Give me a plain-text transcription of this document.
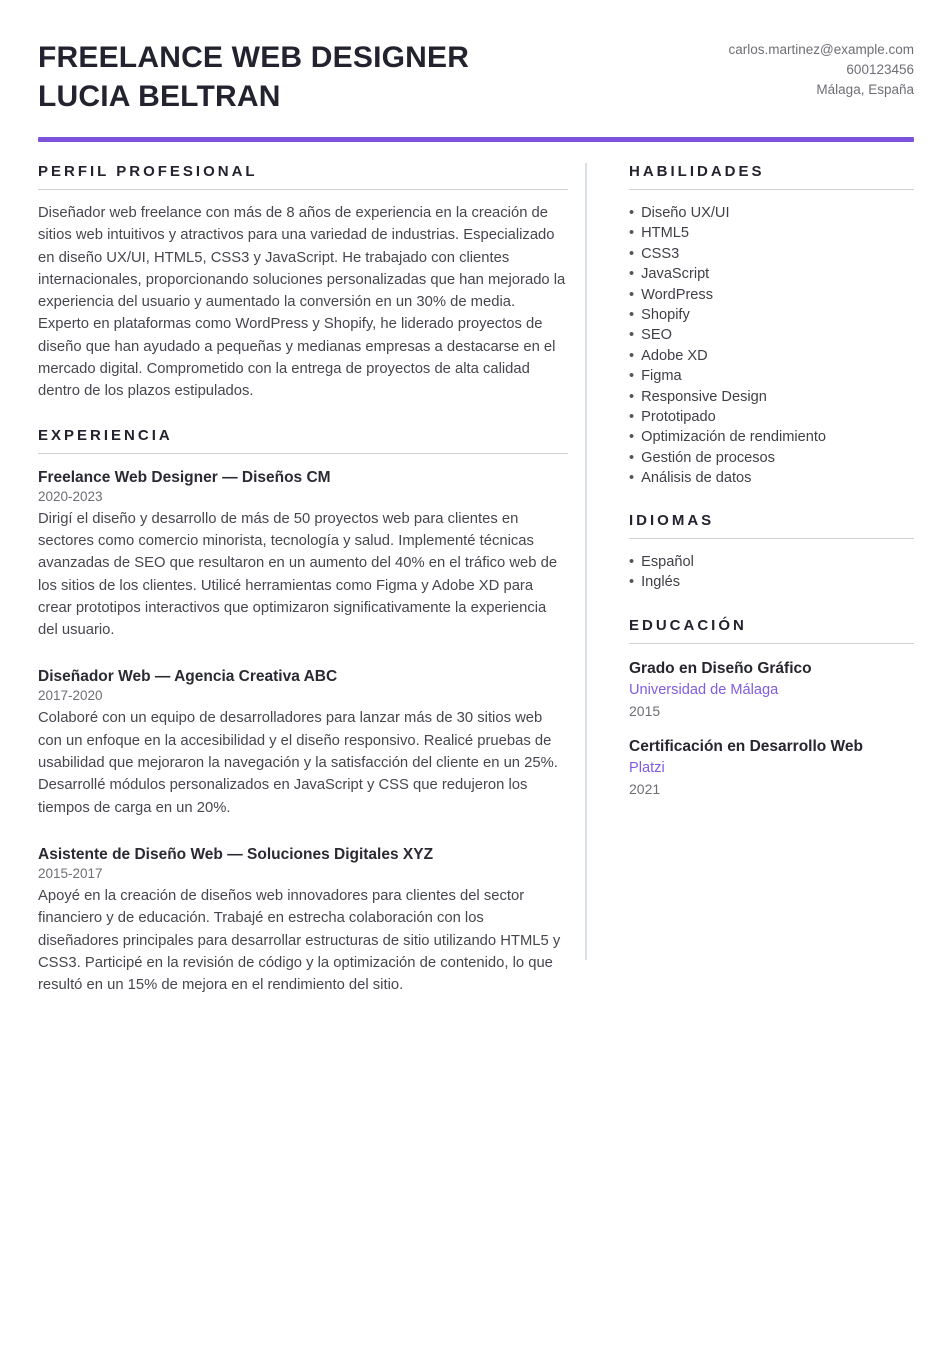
FREELANCE WEB DESIGNER
LUCIA BELTRAN
carlos.martinez@example.com
600123456
Málaga, España
PERFIL PROFESIONAL

Diseñador web freelance con más de 8 años de experiencia en la creación de sitios web intuitivos y atractivos para una variedad de industrias. Especializado en diseño UX/UI, HTML5, CSS3 y JavaScript. He trabajado con clientes internacionales, proporcionando soluciones personalizadas que han mejorado la experiencia del usuario y aumentado la conversión en un 30% de media. Experto en plataformas como WordPress y Shopify, he liderado proyectos de diseño que han ayudado a pequeñas y medianas empresas a destacarse en el mercado digital. Comprometido con la entrega de proyectos de alta calidad dentro de los plazos estipulados.

EXPERIENCIA
Freelance Web Designer — Diseños CM
2020-2023

Dirigí el diseño y desarrollo de más de 50 proyectos web para clientes en sectores como comercio minorista, tecnología y salud. Implementé técnicas avanzadas de SEO que resultaron en un aumento del 40% en el tráfico web de los sitios de los clientes. Utilicé herramientas como Figma y Adobe XD para crear prototipos interactivos que optimizaron significativamente la experiencia del usuario.

Diseñador Web — Agencia Creativa ABC
2017-2020

Colaboré con un equipo de desarrolladores para lanzar más de 30 sitios web con un enfoque en la accesibilidad y el diseño responsivo. Realicé pruebas de usabilidad que mejoraron la navegación y la satisfacción del cliente en un 25%. Desarrollé módulos personalizados en JavaScript y CSS que redujeron los tiempos de carga en un 20%.

Asistente de Diseño Web — Soluciones Digitales XYZ
2015-2017

Apoyé en la creación de diseños web innovadores para clientes del sector financiero y de educación. Trabajé en estrecha colaboración con los diseñadores principales para desarrollar estructuras de sitio utilizando HTML5 y CSS3. Participé en la revisión de código y la optimización de contenido, lo que resultó en un 15% de mejora en el rendimiento del sitio.

HABILIDADES
• Diseño UX/UI
• HTML5
• CSS3
• JavaScript
• WordPress
• Shopify
• SEO
• Adobe XD
• Figma
• Responsive Design
• Prototipado
• Optimización de rendimiento
• Gestión de procesos
• Análisis de datos
IDIOMAS
• Español
• Inglés
EDUCACIÓN
Grado en Diseño Gráfico
Universidad de Málaga
2015
Certificación en Desarrollo Web
Platzi
2021
